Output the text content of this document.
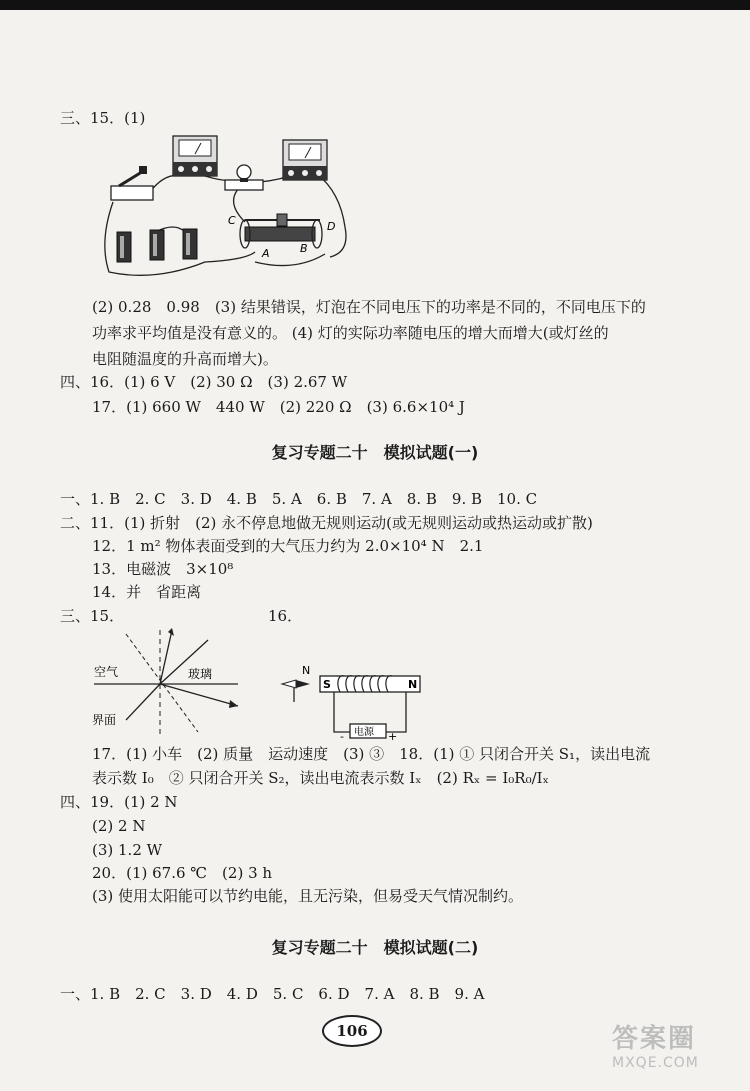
三、15．(1)
C	D
A	B
(2) 0.28　0.98　(3) 结果错误，灯泡在不同电压下的功率是不同的，不同电压下的
功率求平均值是没有意义的。 (4) 灯的实际功率随电压的增大而增大(或灯丝的
电阻随温度的升高而增大)。
四、16．(1) 6 V　(2) 30 Ω　(3) 2.67 W
17．(1) 660 W　440 W　(2) 220 Ω　(3) 6.6×10⁴ J
复习专题二十　模拟试题(一)
一、1. B　2. C　3. D　4. B　5. A　6. B　7. A　8. B　9. B　10. C
二、11．(1) 折射　(2) 永不停息地做无规则运动(或无规则运动或热运动或扩散)
12．1 m² 物体表面受到的大气压力约为 2.0×10⁴ N　2.1
13．电磁波　3×10⁸
14．并　省距离
三、15．	16．
空气	玻璃
界面
N
S	N
电源
-	+
17．(1) 小车　(2) 质量　运动速度　(3) ③　18．(1) ① 只闭合开关 S₁，读出电流
表示数 I₀　② 只闭合开关 S₂，读出电流表示数 Iₓ　(2) Rₓ = I₀R₀/Iₓ
四、19．(1) 2 N
(2) 2 N
(3) 1.2 W
20．(1) 67.6 ℃　(2) 3 h
(3) 使用太阳能可以节约电能，且无污染，但易受天气情况制约。
复习专题二十　模拟试题(二)
一、1. B　2. C　3. D　4. D　5. C　6. D　7. A　8. B　9. A
106	答案圈
MXQE.COM
